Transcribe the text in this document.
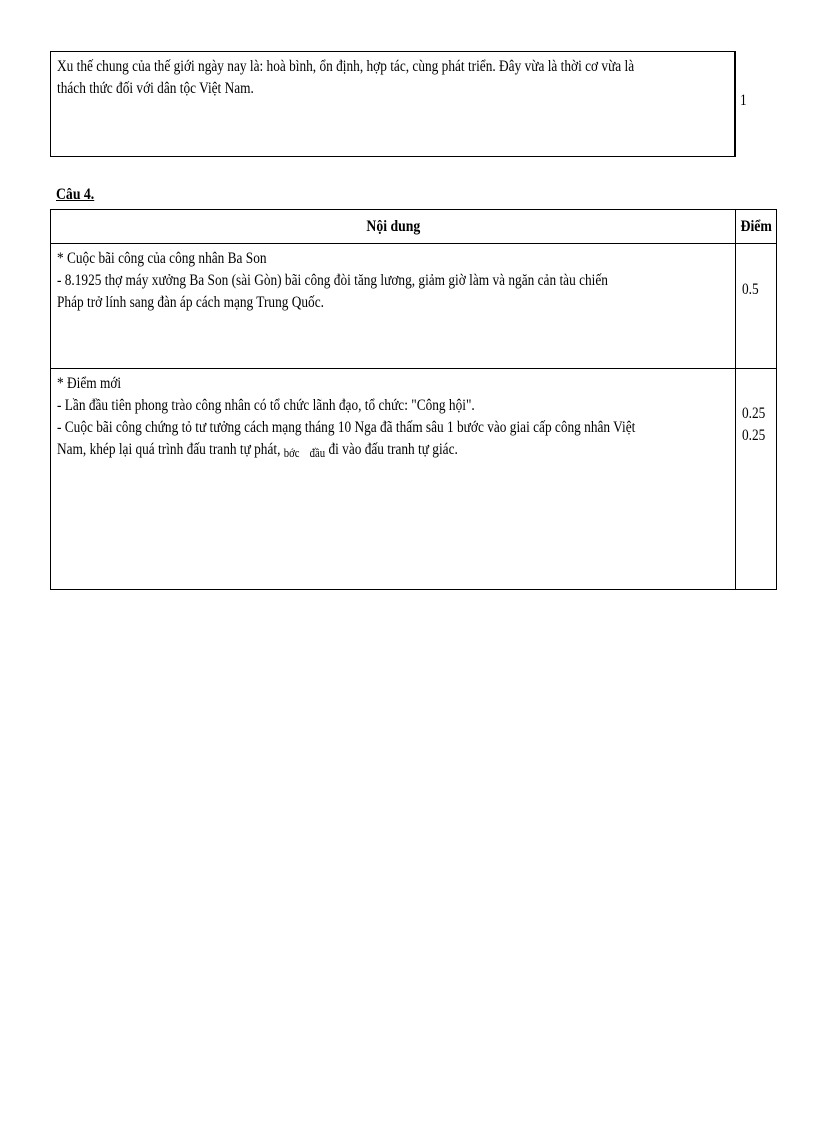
Xu thế chung của thế giới ngày nay là: hoà bình, ổn định, hợp tác, cùng phát triển. Đây vừa là thời cơ vừa là
thách thức đối với dân tộc Việt Nam.

1
Câu 4.
Nội dung	Điểm

* Cuộc bãi công của công nhân Ba Son
- 8.1925 thợ máy xưởng Ba Son (sài Gòn) bãi công đòi tăng lương, giảm giờ làm và ngăn cản tàu chiến
Pháp trở lính sang đàn áp cách mạng Trung Quốc.	0.5

* Điểm mới
- Lần đầu tiên phong trào công nhân có tổ chức lãnh đạo, tổ chức: "Công hội".
- Cuộc bãi công chứng tỏ tư tưởng cách mạng tháng 10 Nga đã thấm sâu 1 bước vào giai cấp công nhân Việt
Nam, khép lại quá trình đấu tranh tự phát, bớc đầu đi vào đấu tranh tự giác.	0.25
0.25
